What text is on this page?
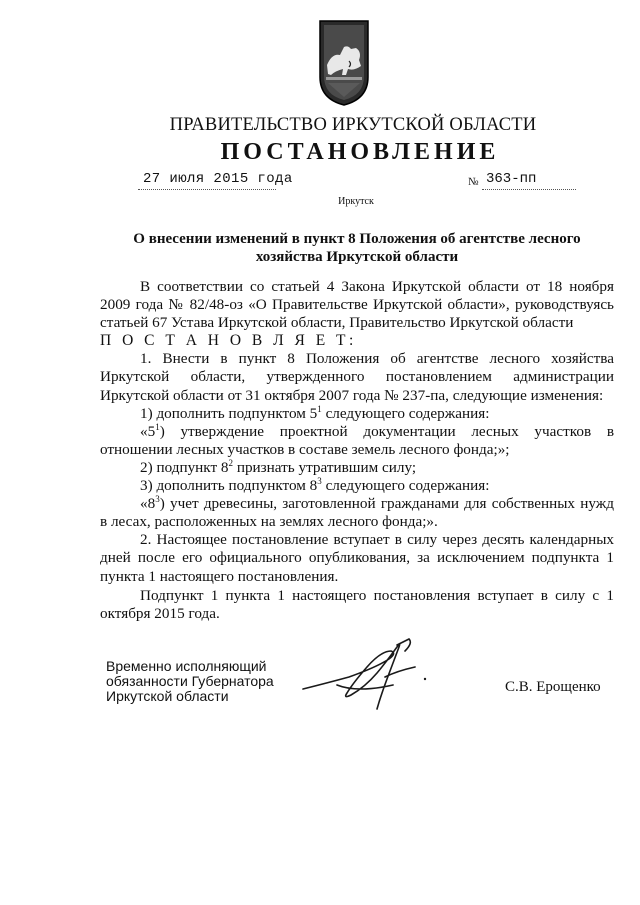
ПРАВИТЕЛЬСТВО ИРКУТСКОЙ ОБЛАСТИ
ПОСТАНОВЛЕНИЕ
27 июля 2015 года	№ 363-пп
Иркутск
О внесении изменений в пункт 8 Положения об агентстве лесного
хозяйства Иркутской области

В соответствии со статьей 4 Закона Иркутской области от 18 ноября 2009 года № 82/48-оз «О Правительстве Иркутской области», руководствуясь статьей 67 Устава Иркутской области, Правительство Иркутской области

П О С Т А Н О В Л Я Е Т:

1. Внести в пункт 8 Положения об агентстве лесного хозяйства Иркутской области, утвержденного постановлением администрации Иркутской области от 31 октября 2007 года № 237-па, следующие изменения:

1) дополнить подпунктом $5^1$ следующего содержания:

«$5^1$) утверждение проектной документации лесных участков в отношении лесных участков в составе земель лесного фонда;»;

2) подпункт $8^2$ признать утратившим силу;

3) дополнить подпунктом $8^3$ следующего содержания:

«$8^3$) учет древесины, заготовленной гражданами для собственных нужд в лесах, расположенных на землях лесного фонда;».

2. Настоящее постановление вступает в силу через десять календарных дней после его официального опубликования, за исключением подпункта 1 пункта 1 настоящего постановления.

Подпункт 1 пункта 1 настоящего постановления вступает в силу с 1 октября 2015 года.

Временно исполняющий
обязанности Губернатора
Иркутской области
С.В. Ерощенко
